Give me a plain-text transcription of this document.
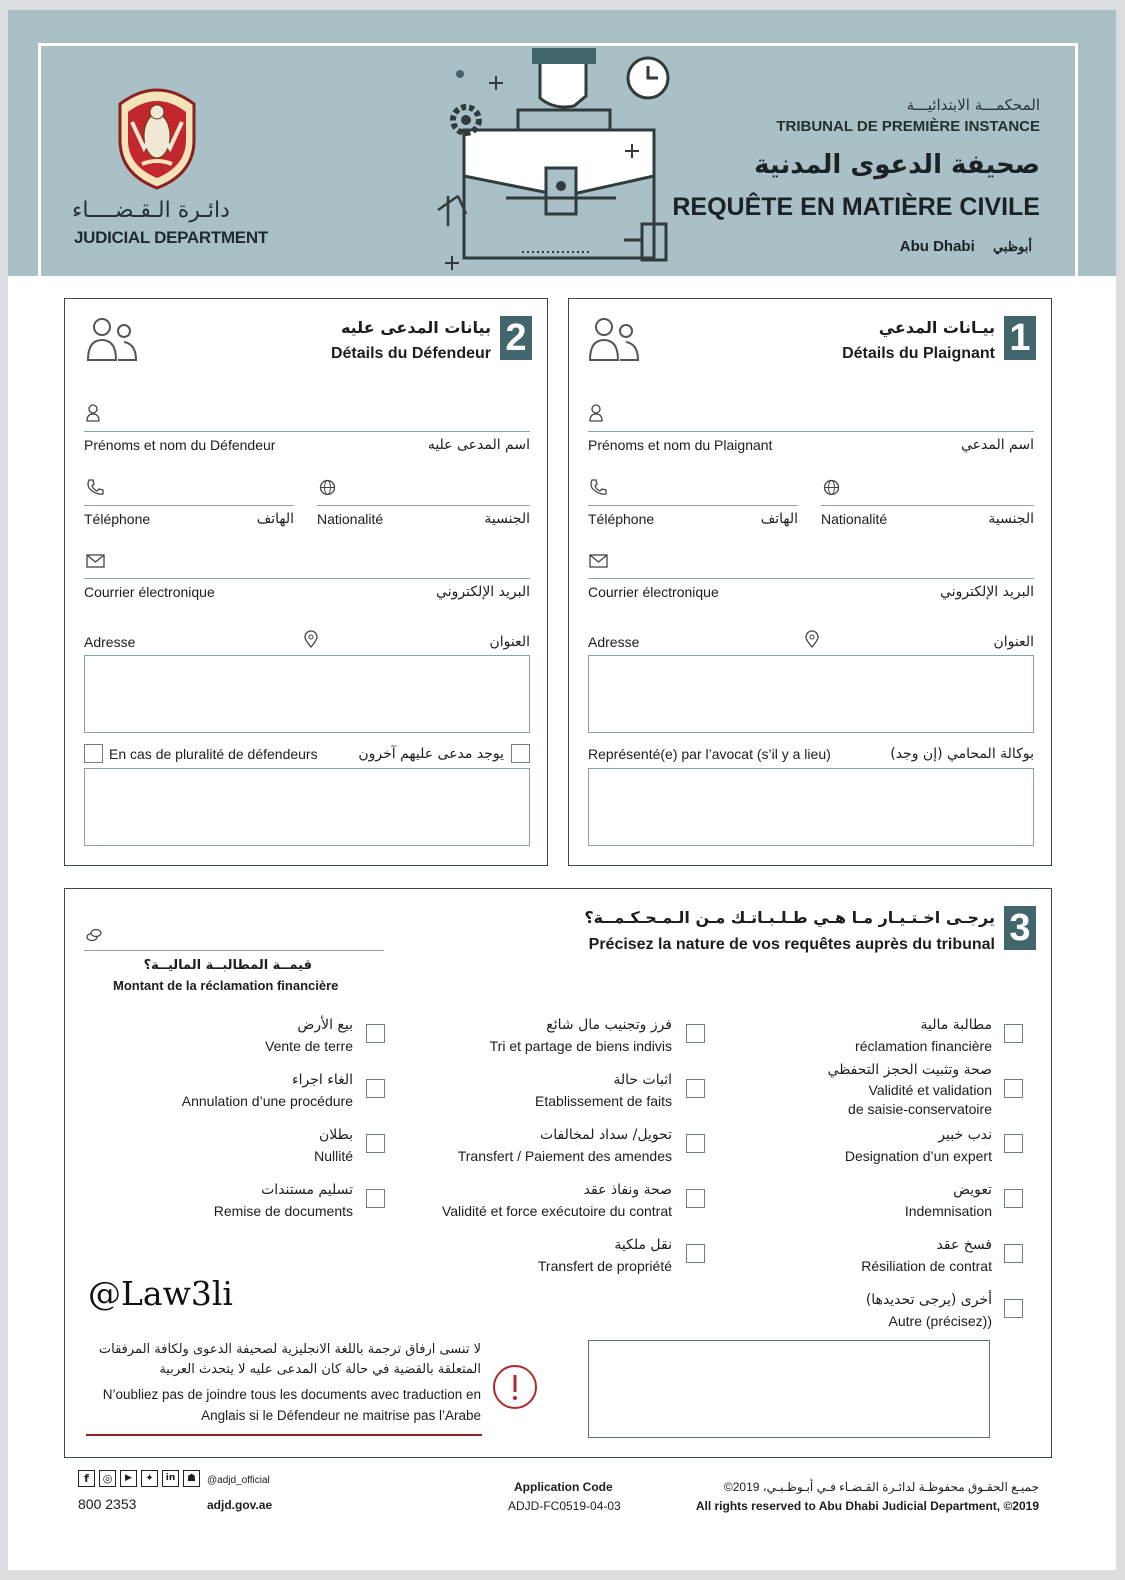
دائـرة الـقـضــــاء
JUDICIAL DEPARTMENT
المحكمـــة الابتدائيـــة
TRIBUNAL DE PREMIÈRE INSTANCE
صحيفة الدعوى المدنية
REQUÊTE EN MATIÈRE CIVILE
Abu Dhabi أبوظبي
2
بيانات المدعى عليه
Détails du Défendeur
Prénoms et nom du Défendeur	اسم المدعى عليه
Téléphone	الهاتف Nationalité	الجنسية
Courrier électronique	البريد الإلكتروني
Adresse	العنوان
En cas de pluralité de défendeurs	يوجد مدعى عليهم آخرون
1
بيـانات المدعي
Détails du Plaignant
Prénoms et nom du Plaignant	اسم المدعي
Téléphone	الهاتف Nationalité	الجنسية
Courrier électronique	البريد الإلكتروني
Adresse	العنوان
Représenté(e) par l’avocat (s’il y a lieu)	بوكالة المحامي (إن وجد)
3
يرجـى اخـتـيـار مـا هـي طـلـبـاتـك مـن الـمـحـكـمــة؟
Précisez la nature de vos requêtes auprès du tribunal
قيمــة المطالبــة الماليــة؟
Montant de la réclamation financière
مطالبة مالية
réclamation financière
صحة وتثبيت الحجز التحفظي
Validité et validation
de saisie-conservatoire
ندب خبير
Designation d’un expert
تعويض
Indemnisation
فسخ عقد
Résiliation de contrat
أخرى (يرجى تحديدها)
Autre (précisez))
فرز وتجنيب مال شائع
Tri et partage de biens indivis
اثبات حالة
Etablissement de faits
تحويل/ سداد لمخالفات
Transfert / Paiement des amendes
صحة ونفاذ عقد
Validité et force exécutoire du contrat
نقل ملكية
Transfert de propriété
بيع الأرض
Vente de terre
الغاء اجراء
Annulation d’une procédure
بطلان
Nullité
تسليم مستندات
Remise de documents
@Law3li
لا تنسى ارفاق ترجمة باللغة الانجليزية لصحيفة الدعوى ولكافة المرفقات
المتعلقة بالقضية في حالة كان المدعى عليه لا يتحدث العربية
N’oubliez pas de joindre tous les documents avec traduction en
Anglais si le Défendeur ne maitrise pas l’Arabe
f	◎	▶	✦	in	☗	@adjd_official
800 2353	adjd.gov.ae
Application Code
ADJD-FC0519-04-03
جميـع الحقـوق محفوظـة لدائـرة القـضـاء فـي أبـوظـبـي، 2019©
All rights reserved to Abu Dhabi Judicial Department, ©2019
